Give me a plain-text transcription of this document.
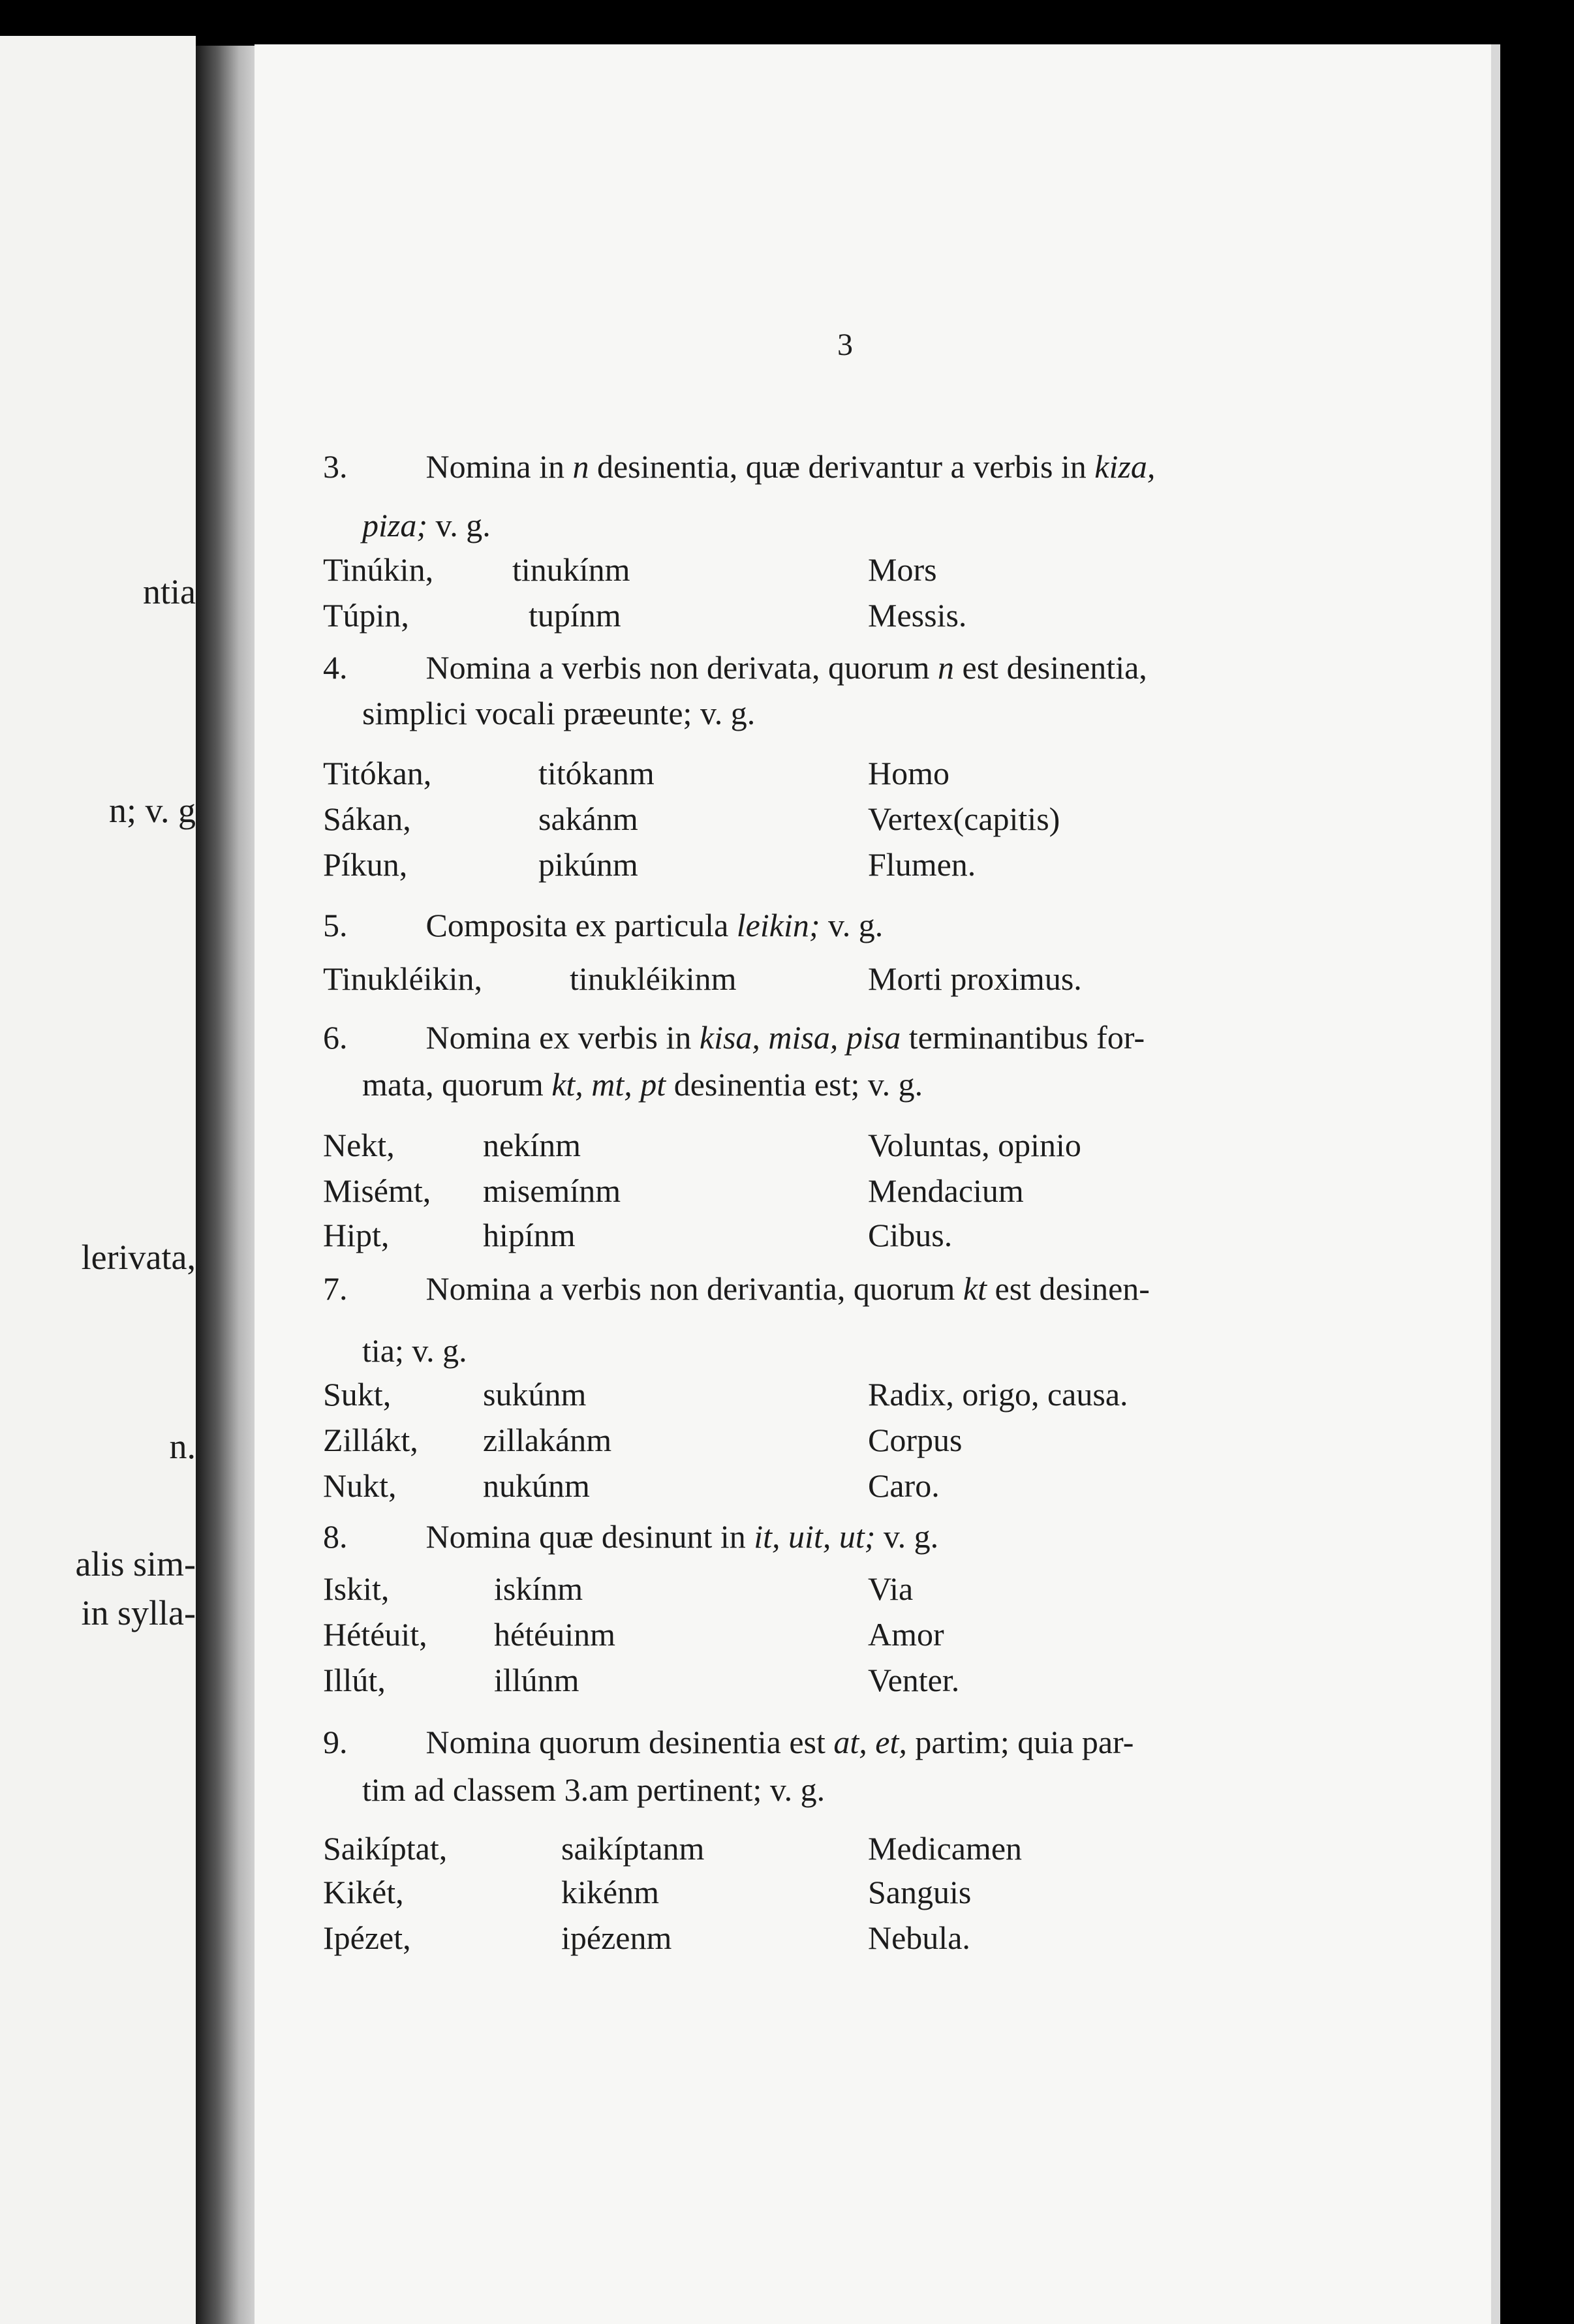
ntia
n; v. g
lerivata,
n.
alis sim-
in sylla-
3
3. Nomina in n desinentia, quæ derivantur a verbis in kiza,
piza; v. g.
Tinúkin, tinukínm	Mors
Túpin,	tupínm	Messis.
4. Nomina a verbis non derivata, quorum n est desinentia,
simplici vocali præeunte; v. g.
Titókan,	titókanm	Homo
Sákan,	sakánm	Vertex(capitis)
Píkun,	pikúnm	Flumen.
5. Composita ex particula leikin; v. g.
Tinukléikin,	tinukléikinm	Morti proximus.
6. Nomina ex verbis in kisa, misa, pisa terminantibus for-
mata, quorum kt, mt, pt desinentia est; v. g.
Nekt,	nekínm	Voluntas, opinio
Misémt, misemínm	Mendacium
Hipt,	hipínm	Cibus.
7. Nomina a verbis non derivantia, quorum kt est desinen-
tia; v. g.
Sukt,	sukúnm	Radix, origo, causa.
Zillákt, zillakánm	Corpus
Nukt,	nukúnm	Caro.
8. Nomina quæ desinunt in it, uit, ut; v. g.
Iskit,	iskínm	Via
Hétéuit, hétéuinm	Amor
Illút,	illúnm	Venter.
9. Nomina quorum desinentia est at, et, partim; quia par-
tim ad classem 3.am pertinent; v. g.
Saikíptat,	saikíptanm	Medicamen
Kikét,	kikénm	Sanguis
Ipézet,	ipézenm	Nebula.
